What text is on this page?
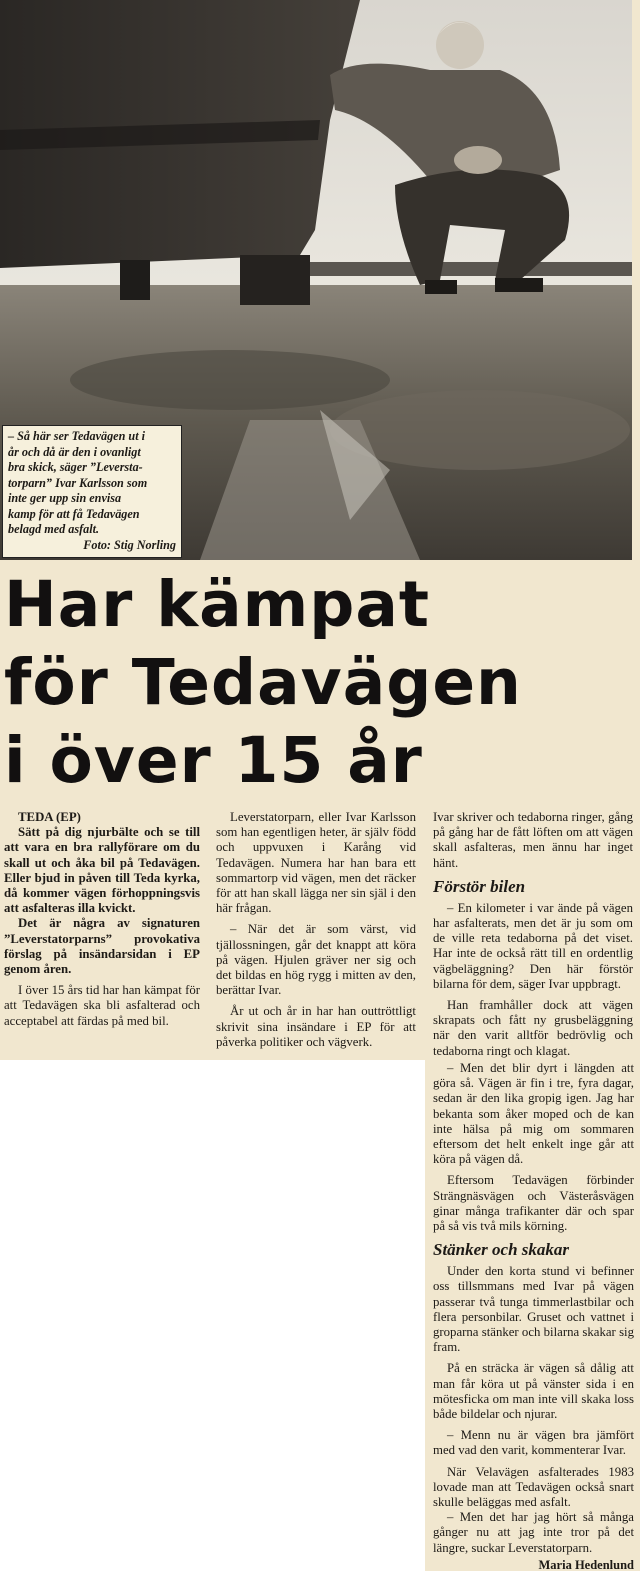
– Så här ser Tedavägen ut i
år och då är den i ovanligt
bra skick, säger ”Leversta-
torparn” Ivar Karlsson som
inte ger upp sin envisa
kamp för att få Tedavägen
belagd med asfalt.
Foto: Stig Norling
Har kämpat
för Tedavägen
i över 15 år
TEDA (EP)

Sätt på dig njurbälte och se till att vara en bra rallyförare om du skall ut och åka bil på Tedavägen. Eller bjud in påven till Teda kyrka, då kommer vägen förhoppningsvis att asfalteras illa kvickt.

Det är några av signaturen ”Leverstatorparns” provokativa förslag på insändarsidan i EP genom åren.

I över 15 års tid har han kämpat för att Tedavägen ska bli asfalterad och acceptabel att färdas på med bil.

Leverstatorparn, eller Ivar Karlsson som han egentligen heter, är själv född och uppvuxen i Karång vid Tedavägen. Numera har han bara ett sommartorp vid vägen, men det räcker för att han skall lägga ner sin själ i den här frågan.

– När det är som värst, vid tjällossningen, går det knappt att köra på vägen. Hjulen gräver ner sig och det bildas en hög rygg i mitten av den, berättar Ivar.

År ut och år in har han outtröttligt skrivit sina insändare i EP för att påverka politiker och vägverk.

Ivar skriver och tedaborna ringer, gång på gång har de fått löften om att vägen skall asfalteras, men ännu har inget hänt.

Förstör bilen

– En kilometer i var ände på vägen har asfalterats, men det är ju som om de ville reta tedaborna på det viset. Har inte de också rätt till en ordentlig vägbeläggning? Den här förstör bilarna för dem, säger Ivar uppbragt.

Han framhåller dock att vägen skrapats och fått ny grusbeläggning när den varit alltför bedrövlig och tedaborna ringt och klagat.

– Men det blir dyrt i längden att göra så. Vägen är fin i tre, fyra dagar, sedan är den lika gropig igen. Jag har bekanta som åker moped och de kan inte hälsa på mig om sommaren eftersom det helt enkelt inge går att köra på vägen då.

Eftersom Tedavägen förbinder Strängnäsvägen och Västeråsvägen ginar många trafikanter där och spar på så vis två mils körning.

Stänker och skakar

Under den korta stund vi befinner oss tillsmmans med Ivar på vägen passerar två tunga timmerlastbilar och flera personbilar. Gruset och vattnet i groparna stänker och bilarna skakar sig fram.

På en sträcka är vägen så dålig att man får köra ut på vänster sida i en mötesficka om man inte vill skaka loss både bildelar och njurar.

– Menn nu är vägen bra jämfört med vad den varit, kommenterar Ivar.

När Velavägen asfalterades 1983 lovade man att Tedavägen också snart skulle beläggas med asfalt.

– Men det har jag hört så många gånger nu att jag inte tror på det längre, suckar Leverstatorparn.

Maria Hedenlund
